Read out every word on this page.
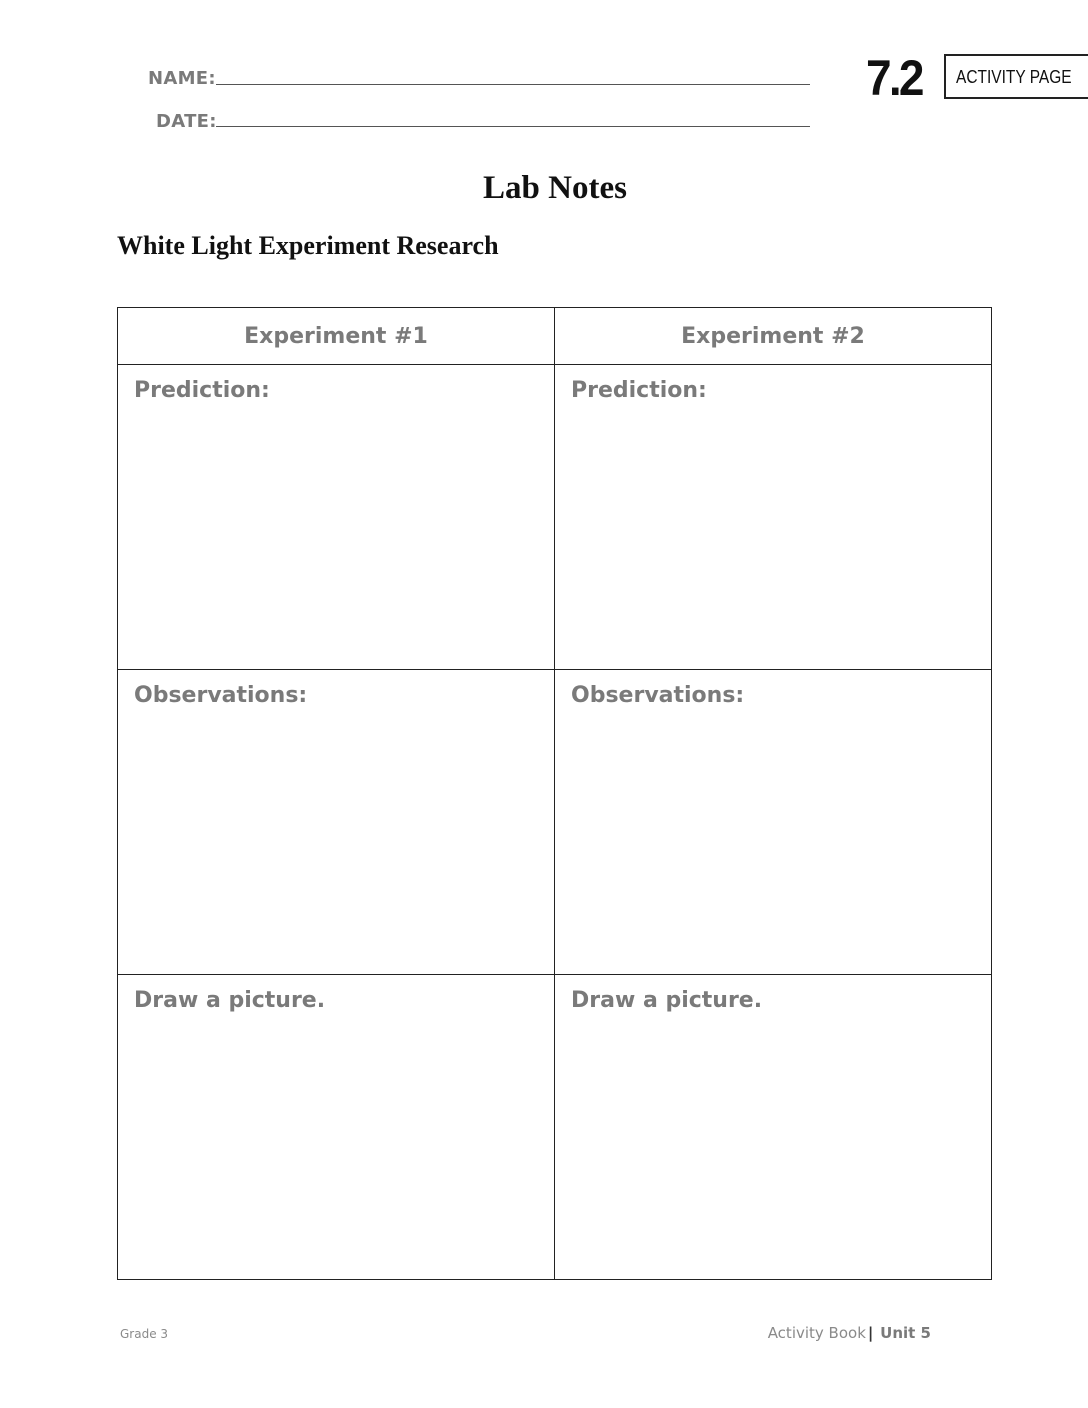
NAME:
DATE:
7.2 ACTIVITY PAGE
Lab Notes
White Light Experiment Research
Experiment #1	Experiment #2

Prediction:	Prediction:

Observations:	Observations:

Draw a picture.	Draw a picture.
Grade 3	Activity Book | Unit 5
